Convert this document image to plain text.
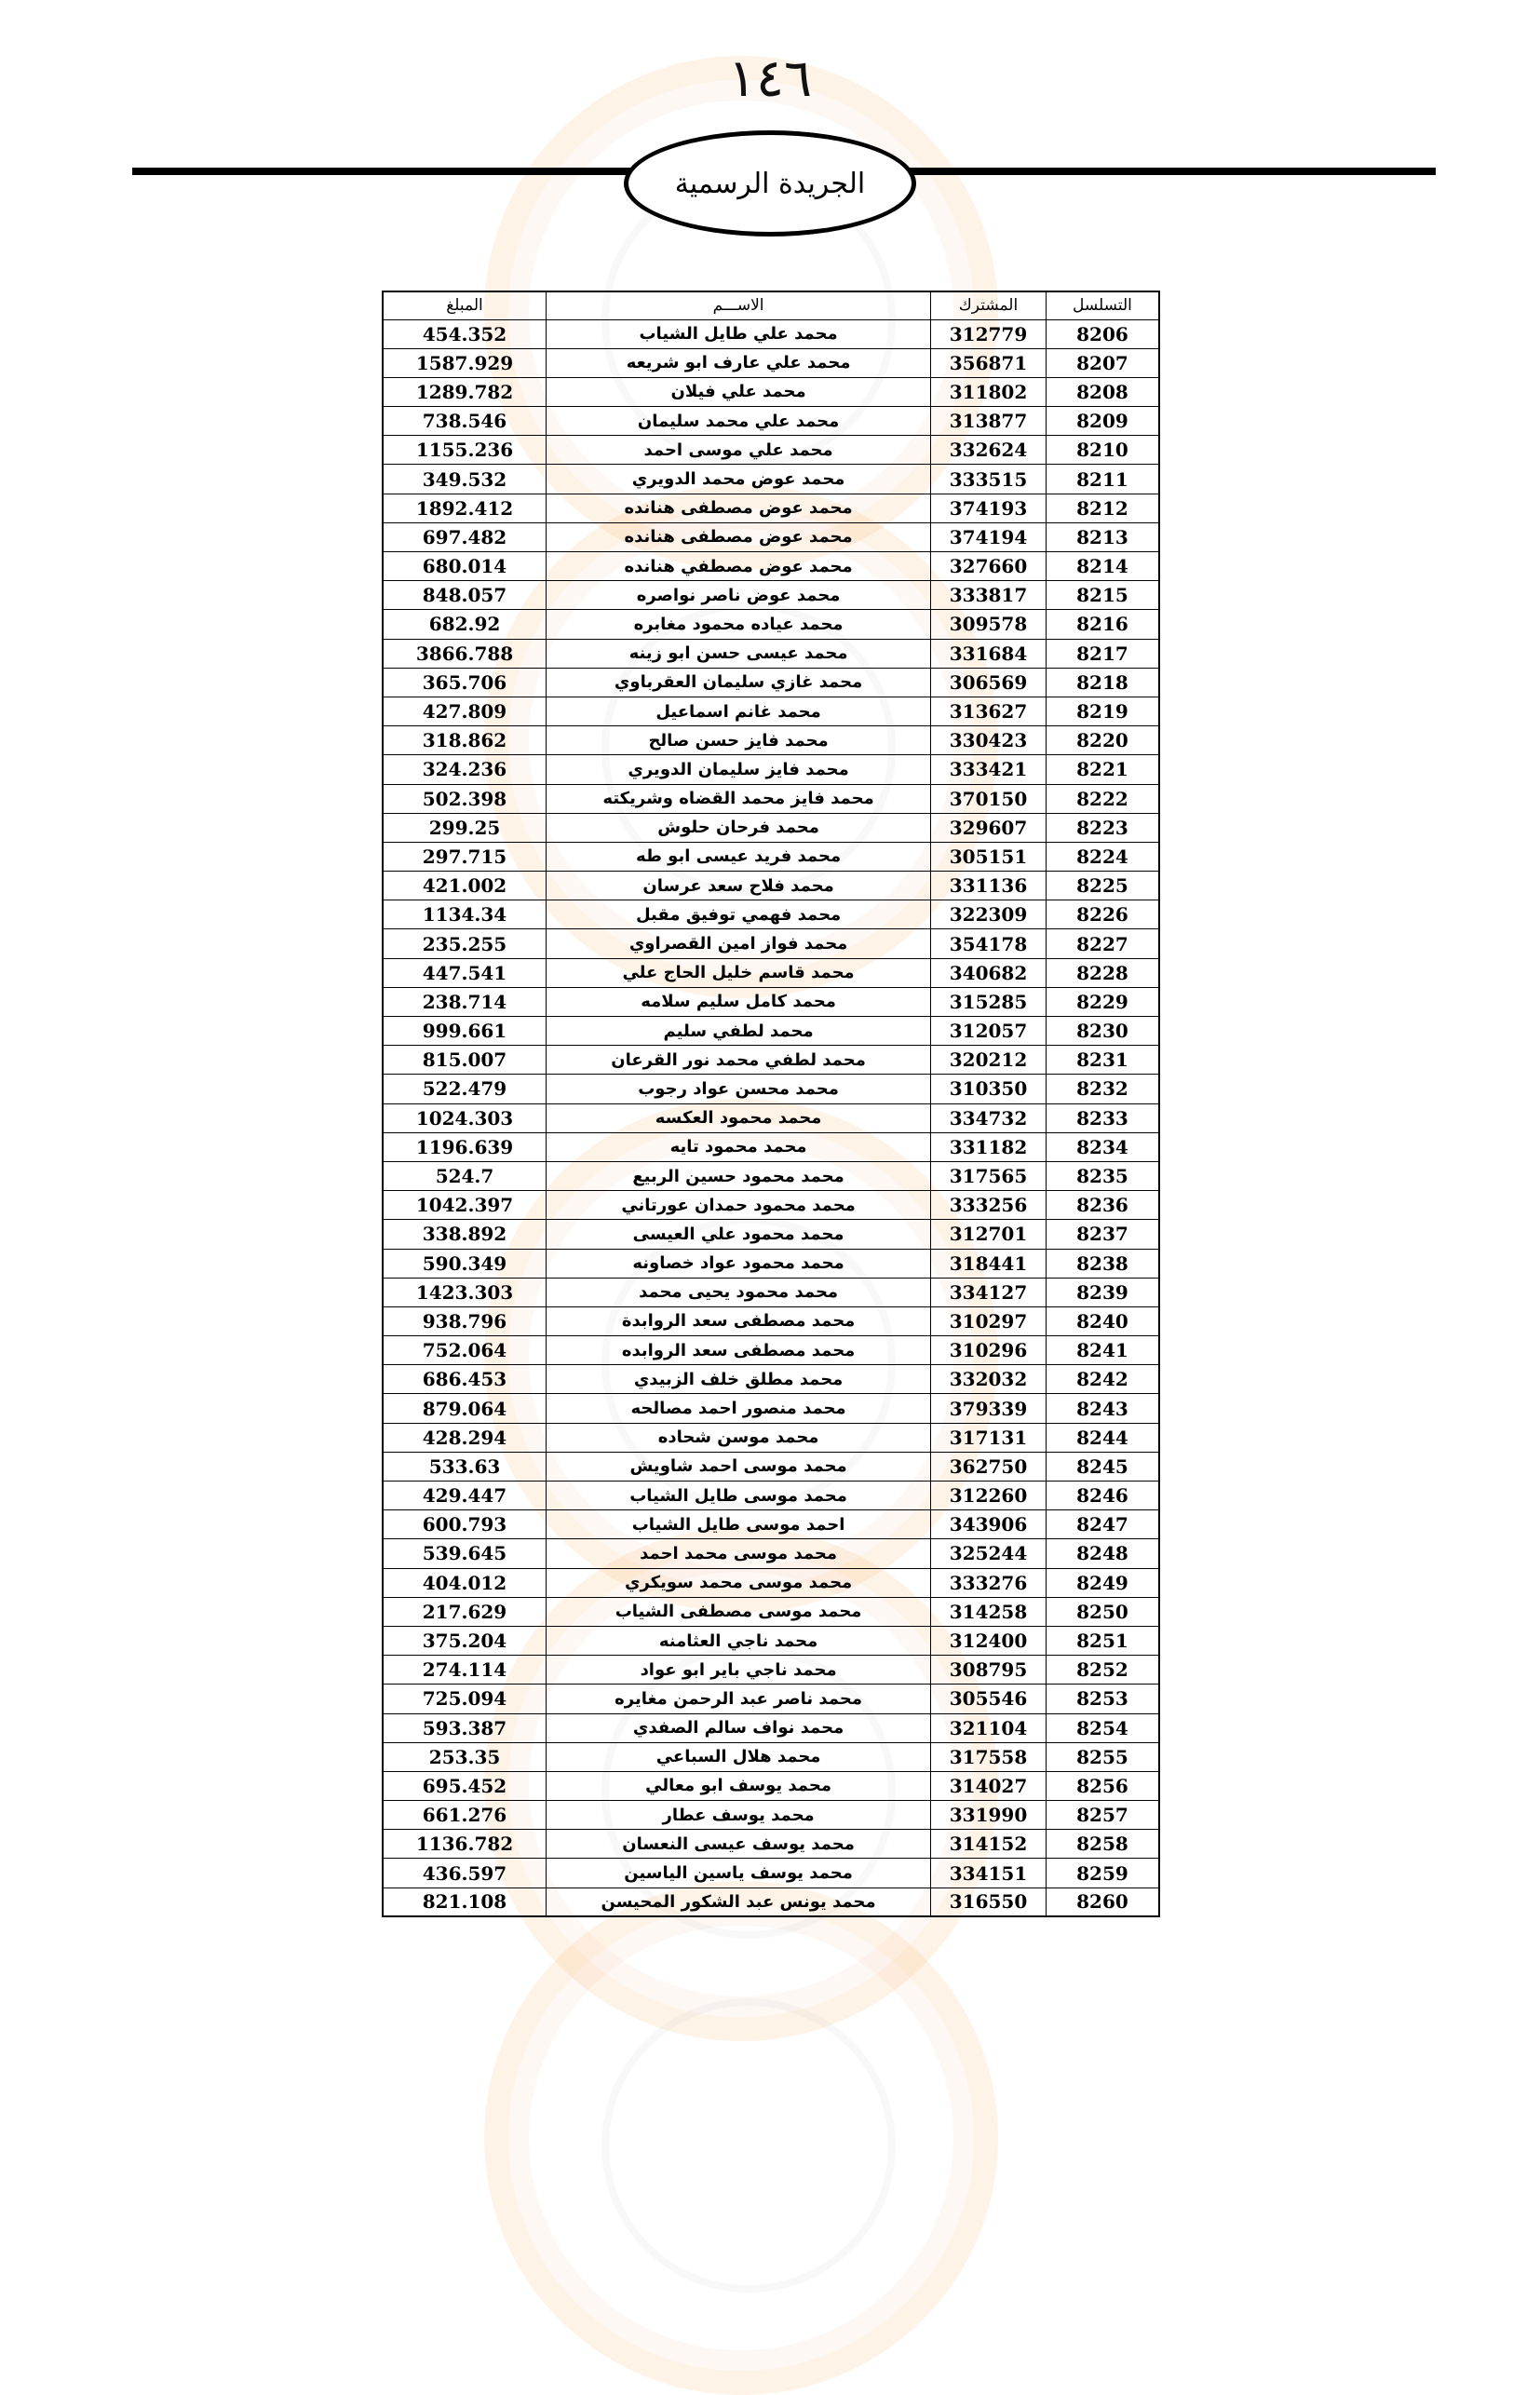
١٤٦
الجريدة الرسمية
التسلسل	المشترك	الاســـم	المبلغ
8206	312779	محمد علي طايل الشياب	454.352
8207	356871	محمد علي عارف ابو شريعه	1587.929
8208	311802	محمد علي فيلان	1289.782
8209	313877	محمد علي محمد سليمان	738.546
8210	332624	محمد علي موسى احمد	1155.236
8211	333515	محمد عوض محمد الدويري	349.532
8212	374193	محمد عوض مصطفى هنانده	1892.412
8213	374194	محمد عوض مصطفى هنانده	697.482
8214	327660	محمد عوض مصطفي هنانده	680.014
8215	333817	محمد عوض ناصر نواصره	848.057
8216	309578	محمد عياده محمود مغابره	682.92
8217	331684	محمد عيسى حسن ابو زينه	3866.788
8218	306569	محمد غازي سليمان العقرباوي	365.706
8219	313627	محمد غانم اسماعيل	427.809
8220	330423	محمد فايز حسن صالح	318.862
8221	333421	محمد فايز سليمان الدويري	324.236
8222	370150	محمد فايز محمد القضاه وشريكته	502.398
8223	329607	محمد فرحان حلوش	299.25
8224	305151	محمد فريد عيسى ابو طه	297.715
8225	331136	محمد فلاح سعد عرسان	421.002
8226	322309	محمد فهمي توفيق مقبل	1134.34
8227	354178	محمد فواز امين القصراوي	235.255
8228	340682	محمد قاسم خليل الحاج علي	447.541
8229	315285	محمد كامل سليم سلامه	238.714
8230	312057	محمد لطفي سليم	999.661
8231	320212	محمد لطفي محمد نور القرعان	815.007
8232	310350	محمد محسن عواد رجوب	522.479
8233	334732	محمد محمود العكسه	1024.303
8234	331182	محمد محمود تايه	1196.639
8235	317565	محمد محمود حسين الربيع	524.7
8236	333256	محمد محمود حمدان عورتاني	1042.397
8237	312701	محمد محمود علي العيسى	338.892
8238	318441	محمد محمود عواد خصاونه	590.349
8239	334127	محمد محمود يحيى محمد	1423.303
8240	310297	محمد مصطفى سعد الروابدة	938.796
8241	310296	محمد مصطفى سعد الروابده	752.064
8242	332032	محمد مطلق خلف الزبيدي	686.453
8243	379339	محمد منصور احمد مصالحه	879.064
8244	317131	محمد موسن شحاده	428.294
8245	362750	محمد موسى احمد شاويش	533.63
8246	312260	محمد موسى طايل الشياب	429.447
8247	343906	احمد موسى طايل الشياب	600.793
8248	325244	محمد موسى محمد احمد	539.645
8249	333276	محمد موسى محمد سويكري	404.012
8250	314258	محمد موسى مصطفى الشياب	217.629
8251	312400	محمد ناجي العثامنه	375.204
8252	308795	محمد ناجي باير ابو عواد	274.114
8253	305546	محمد ناصر عبد الرحمن مغايره	725.094
8254	321104	محمد نواف سالم الصفدي	593.387
8255	317558	محمد هلال السباعي	253.35
8256	314027	محمد يوسف ابو معالي	695.452
8257	331990	محمد يوسف عطار	661.276
8258	314152	محمد يوسف عيسى النعسان	1136.782
8259	334151	محمد يوسف ياسين الياسين	436.597
8260	316550	محمد يونس عبد الشكور المحيسن	821.108
